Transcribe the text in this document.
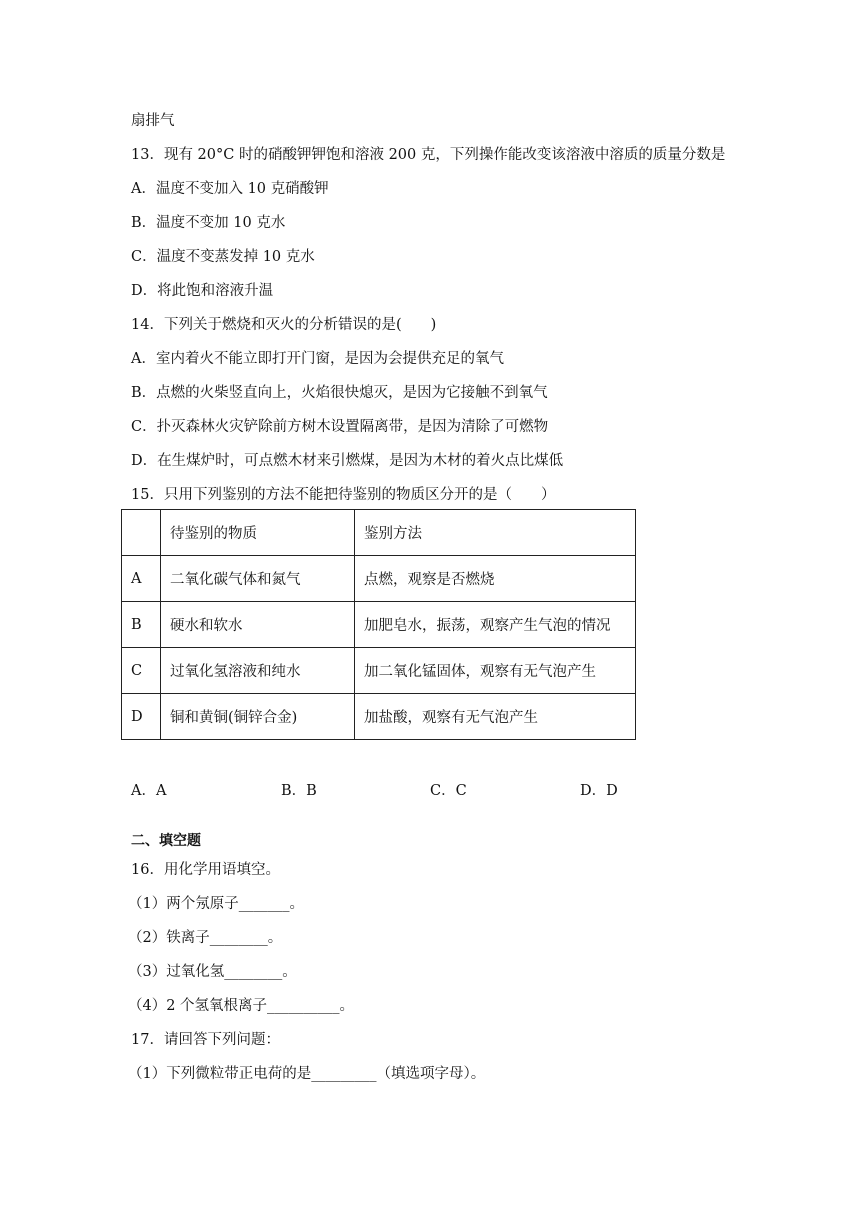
扇排气
13．现有 20°C 时的硝酸钾钾饱和溶液 200 克，下列操作能改变该溶液中溶质的质量分数是
A．温度不变加入 10 克硝酸钾
B．温度不变加 10 克水
C．温度不变蒸发掉 10 克水
D．将此饱和溶液升温
14．下列关于燃烧和灭火的分析错误的是(　　)
A．室内着火不能立即打开门窗，是因为会提供充足的氧气
B．点燃的火柴竖直向上，火焰很快熄灭，是因为它接触不到氧气
C．扑灭森林火灾铲除前方树木设置隔离带，是因为清除了可燃物
D．在生煤炉时，可点燃木材来引燃煤，是因为木材的着火点比煤低
15．只用下列鉴别的方法不能把待鉴别的物质区分开的是（　　）
	待鉴别的物质	鉴别方法
A	二氧化碳气体和氮气	点燃，观察是否燃烧
B	硬水和软水	加肥皂水，振荡，观察产生气泡的情况
C	过氧化氢溶液和纯水	加二氧化锰固体，观察有无气泡产生
D	铜和黄铜(铜锌合金)	加盐酸，观察有无气泡产生
A．A	B．B	C．C	D．D
二、填空题
16．用化学用语填空。
（1）两个氖原子_______。
（2）铁离子________。
（3）过氧化氢________。
（4）2 个氢氧根离子__________。
17．请回答下列问题：
（1）下列微粒带正电荷的是_________（填选项字母）。
